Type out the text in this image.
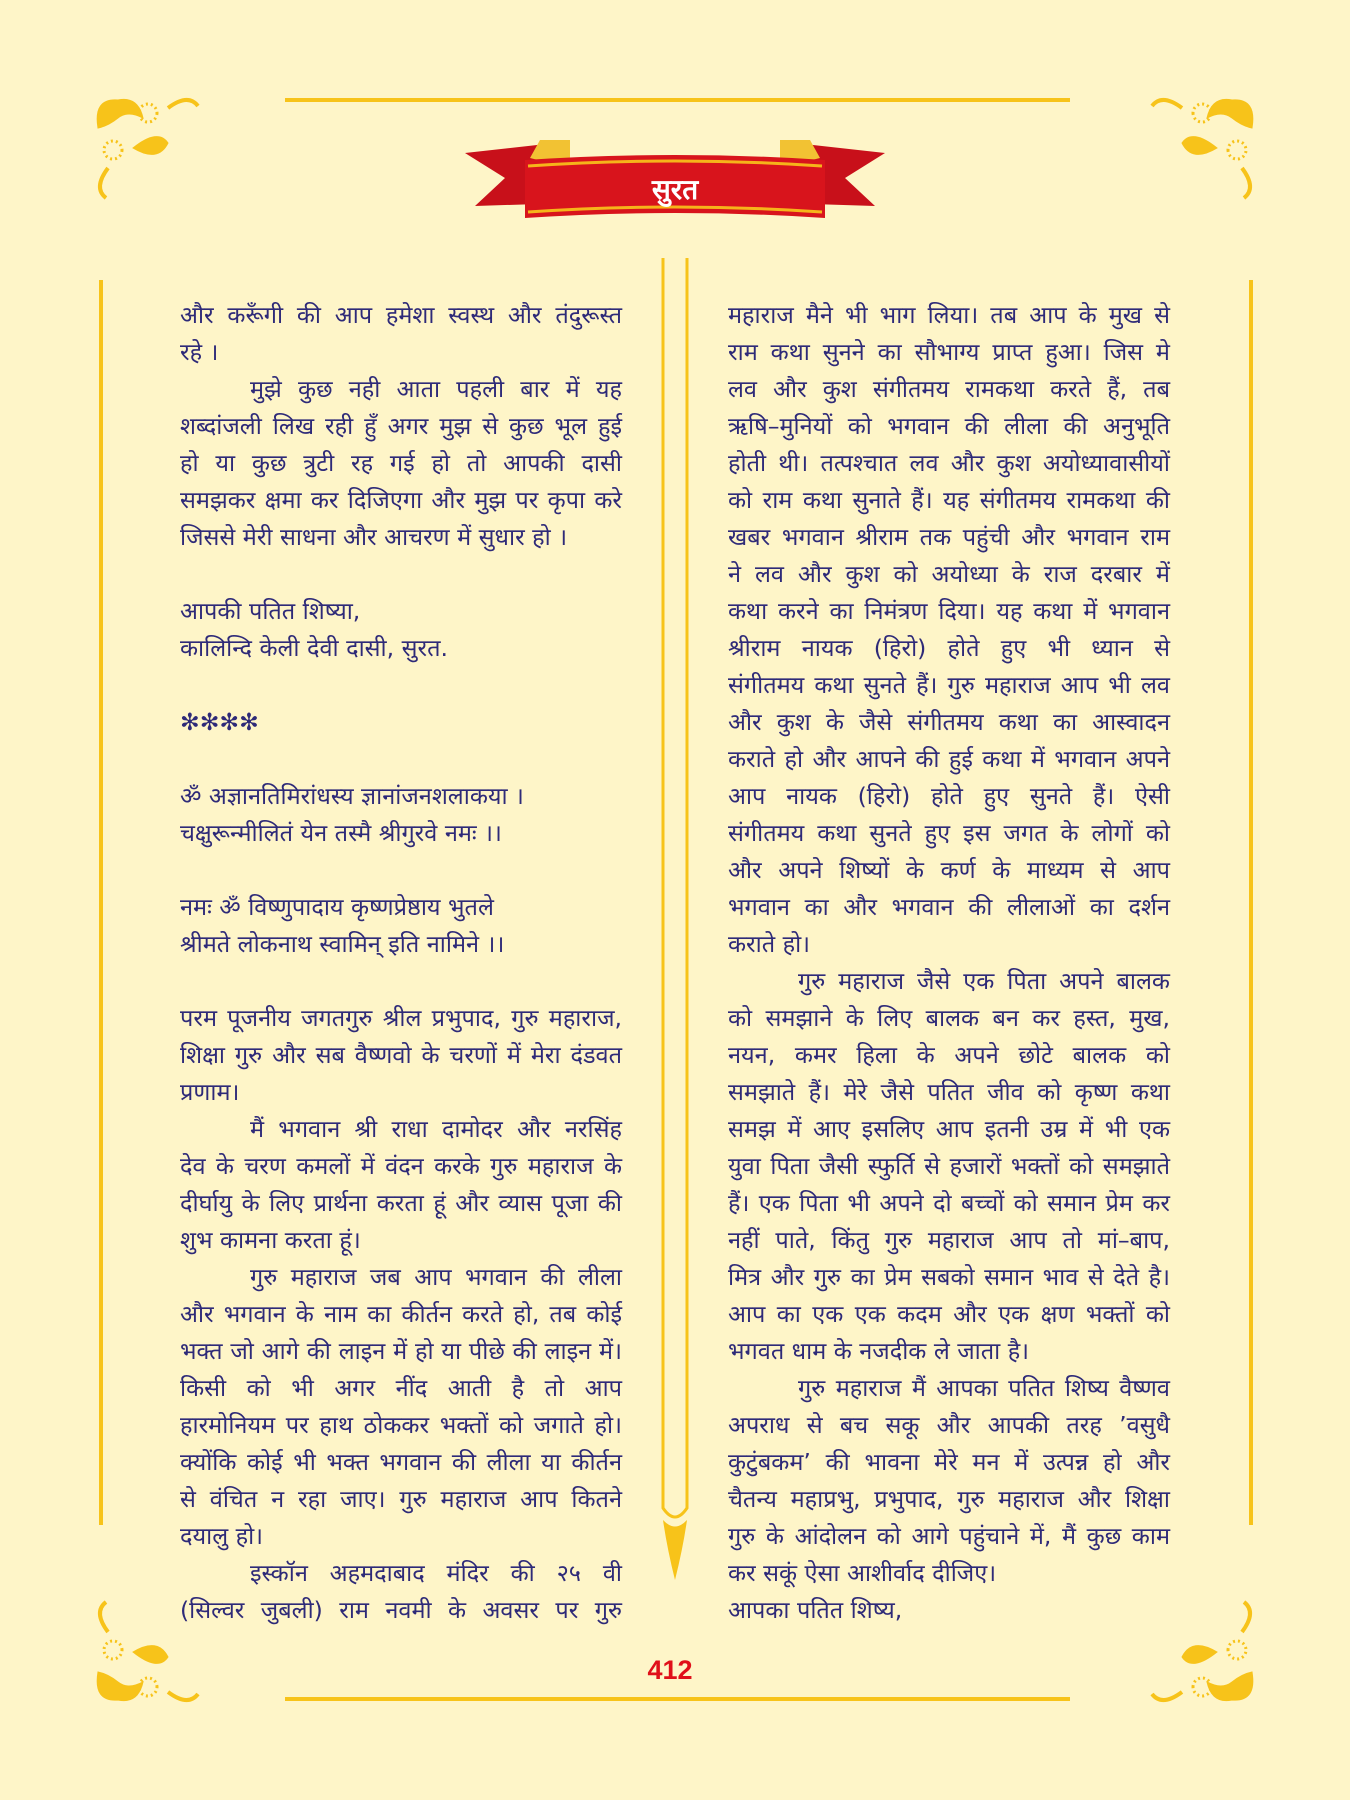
सुरत
और करूँगी की आप हमेशा स्वस्थ और तंदुरूस्त
रहे ।
मुझे कुछ नही आता पहली बार में यह
शब्दांजली लिख रही हुँ अगर मुझ से कुछ भूल हुई
हो या कुछ त्रुटी रह गई हो तो आपकी दासी
समझकर क्षमा कर दिजिएगा और मुझ पर कृपा करे
जिससे मेरी साधना और आचरण में सुधार हो ।
आपकी पतित शिष्या,
कालिन्दि केली देवी दासी, सुरत.
✻✻✻✻
ॐ अज्ञानतिमिरांधस्य ज्ञानांजनशलाकया ।
चक्षुरून्मीलितं येन तस्मै श्रीगुरवे नमः ।।
नमः ॐ विष्णुपादाय कृष्णप्रेष्ठाय भुतले
श्रीमते लोकनाथ स्वामिन् इति नामिने ।।
परम पूजनीय जगतगुरु श्रील प्रभुपाद, गुरु महाराज,
शिक्षा गुरु और सब वैष्णवो के चरणों में मेरा दंडवत
प्रणाम।
मैं भगवान श्री राधा दामोदर और नरसिंह
देव के चरण कमलों में वंदन करके गुरु महाराज के
दीर्घायु के लिए प्रार्थना करता हूं और व्यास पूजा की
शुभ कामना करता हूं।
गुरु महाराज जब आप भगवान की लीला
और भगवान के नाम का कीर्तन करते हो, तब कोई
भक्त जो आगे की लाइन में हो या पीछे की लाइन में।
किसी को भी अगर नींद आती है तो आप
हारमोनियम पर हाथ ठोककर भक्तों को जगाते हो।
क्योंकि कोई भी भक्त भगवान की लीला या कीर्तन
से वंचित न रहा जाए। गुरु महाराज आप कितने
दयालु हो।
इस्कॉन अहमदाबाद मंदिर की २५ वी
(सिल्वर जुबली) राम नवमी के अवसर पर गुरु
महाराज मैने भी भाग लिया। तब आप के मुख से
राम कथा सुनने का सौभाग्य प्राप्त हुआ। जिस मे
लव और कुश संगीतमय रामकथा करते हैं, तब
ऋषि–मुनियों को भगवान की लीला की अनुभूति
होती थी। तत्पश्चात लव और कुश अयोध्यावासीयों
को राम कथा सुनाते हैं। यह संगीतमय रामकथा की
खबर भगवान श्रीराम तक पहुंची और भगवान राम
ने लव और कुश को अयोध्या के राज दरबार में
कथा करने का निमंत्रण दिया। यह कथा में भगवान
श्रीराम नायक (हिरो) होते हुए भी ध्यान से
संगीतमय कथा सुनते हैं। गुरु महाराज आप भी लव
और कुश के जैसे संगीतमय कथा का आस्वादन
कराते हो और आपने की हुई कथा में भगवान अपने
आप नायक (हिरो) होते हुए सुनते हैं। ऐसी
संगीतमय कथा सुनते हुए इस जगत के लोगों को
और अपने शिष्यों के कर्ण के माध्यम से आप
भगवान का और भगवान की लीलाओं का दर्शन
कराते हो।
गुरु महाराज जैसे एक पिता अपने बालक
को समझाने के लिए बालक बन कर हस्त, मुख,
नयन, कमर हिला के अपने छोटे बालक को
समझाते हैं। मेरे जैसे पतित जीव को कृष्ण कथा
समझ में आए इसलिए आप इतनी उम्र में भी एक
युवा पिता जैसी स्फुर्ति से हजारों भक्तों को समझाते
हैं। एक पिता भी अपने दो बच्चों को समान प्रेम कर
नहीं पाते, किंतु गुरु महाराज आप तो मां–बाप,
मित्र और गुरु का प्रेम सबको समान भाव से देते है।
आप का एक एक कदम और एक क्षण भक्तों को
भगवत धाम के नजदीक ले जाता है।
गुरु महाराज मैं आपका पतित शिष्य वैष्णव
अपराध से बच सकू और आपकी तरह ’वसुधै
कुटुंबकम’ की भावना मेरे मन में उत्पन्न हो और
चैतन्य महाप्रभु, प्रभुपाद, गुरु महाराज और शिक्षा
गुरु के आंदोलन को आगे पहुंचाने में, मैं कुछ काम
कर सकूं ऐसा आशीर्वाद दीजिए।
आपका पतित शिष्य,
412
